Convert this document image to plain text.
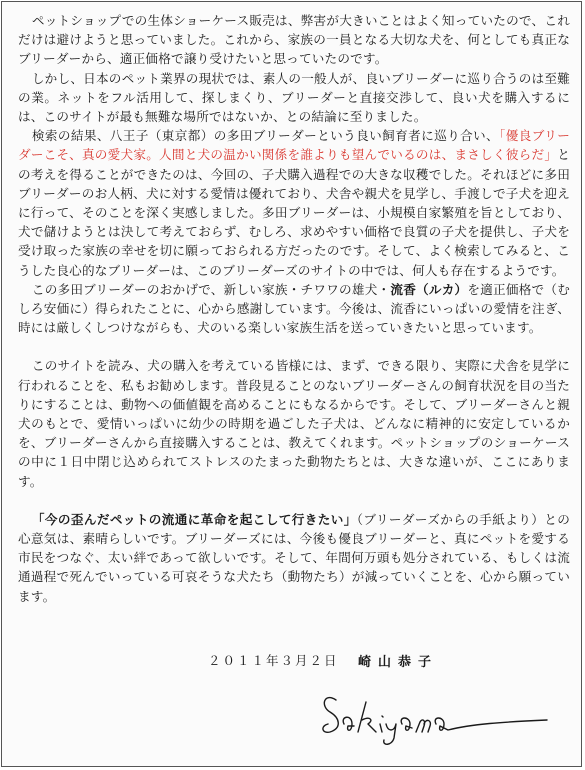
ペットショップでの生体ショーケース販売は、弊害が大きいことはよく知っていたので、これだけは避けようと思っていました。これから、家族の一員となる大切な犬を、何としても真正なブリーダーから、適正価格で譲り受けたいと思っていたのです。

しかし、日本のペット業界の現状では、素人の一般人が、良いブリーダーに巡り合うのは至難の業。ネットをフル活用して、探しまくり、ブリーダーと直接交渉して、良い犬を購入するには、このサイトが最も無難な場所ではないか、との結論に至りました。

検索の結果、八王子（東京都）の多田ブリーダーという良い飼育者に巡り合い、「優良ブリーダーこそ、真の愛犬家。人間と犬の温かい関係を誰よりも望んでいるのは、まさしく彼らだ」との考えを得ることができたのは、今回の、子犬購入過程での大きな収穫でした。それほどに多田ブリーダーのお人柄、犬に対する愛情は優れており、犬舎や親犬を見学し、手渡しで子犬を迎えに行って、そのことを深く実感しました。多田ブリーダーは、小規模自家繁殖を旨としており、犬で儲けようとは決して考えておらず、むしろ、求めやすい価格で良質の子犬を提供し、子犬を受け取った家族の幸せを切に願っておられる方だったのです。そして、よく検索してみると、こうした良心的なブリーダーは、このブリーダーズのサイトの中では、何人も存在するようです。

この多田ブリーダーのおかげで、新しい家族・チワワの雄犬・流香（ルカ）を適正価格で（むしろ安価に）得られたことに、心から感謝しています。今後は、流香にいっぱいの愛情を注ぎ、時には厳しくしつけながらも、犬のいる楽しい家族生活を送っていきたいと思っています。

このサイトを読み、犬の購入を考えている皆様には、まず、できる限り、実際に犬舎を見学に行われることを、私もお勧めします。普段見ることのないブリーダーさんの飼育状況を目の当たりにすることは、動物への価値観を高めることにもなるからです。そして、ブリーダーさんと親犬のもとで、愛情いっぱいに幼少の時期を過ごした子犬は、どんなに精神的に安定しているかを、ブリーダーさんから直接購入することは、教えてくれます。ペットショップのショーケースの中に１日中閉じ込められてストレスのたまった動物たちとは、大きな違いが、ここにあります。

「今の歪んだペットの流通に革命を起こして行きたい」（ブリーダーズからの手紙より）との心意気は、素晴らしいです。ブリーダーズには、今後も優良ブリーダーと、真にペットを愛する市民をつなぐ、太い絆であって欲しいです。そして、年間何万頭も処分されている、もしくは流通過程で死んでいっている可哀そうな犬たち（動物たち）が減っていくことを、心から願っています。

２０１１年３月２日 崎山恭子
